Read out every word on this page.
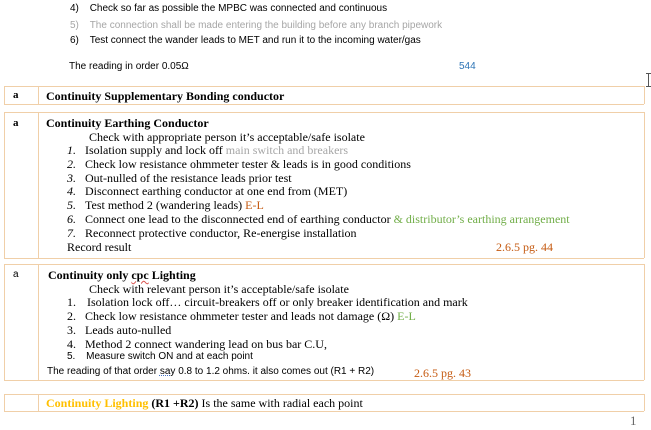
4) Check so far as possible the MPBC was connected and continuous
5) The connection shall be made entering the building before any branch pipework
6) Test connect the wander leads to MET and run it to the incoming water/gas
The reading in order 0.05Ω	544
a Continuity Supplementary Bonding conductor
a Continuity Earthing Conductor
Check with appropriate person it’s acceptable/safe isolate
1. Isolation supply and lock off main switch and breakers
2. Check low resistance ohmmeter tester & leads is in good conditions
3. Out-nulled of the resistance leads prior test
4. Disconnect earthing conductor at one end from (MET)
5. Test method 2 (wandering leads) E-L
6. Connect one lead to the disconnected end of earthing conductor & distributor’s earthing arrangement
7. Reconnect protective conductor, Re-energise installation
Record result	2.6.5 pg. 44
a Continuity only cpc Lighting
Check with relevant person it’s acceptable/safe isolate
1. Isolation lock off… circuit-breakers off or only breaker identification and mark
2. Check low resistance ohmmeter tester and leads not damage (Ω) E-L
3. Leads auto-nulled
4. Method 2 connect wandering lead on bus bar C.U,
5. Measure switch ON and at each point
The reading of that order say 0.8 to 1.2 ohms. it also comes out (R1 + R2)	2.6.5 pg. 43
Continuity Lighting (R1 +R2) Is the same with radial each point
1
